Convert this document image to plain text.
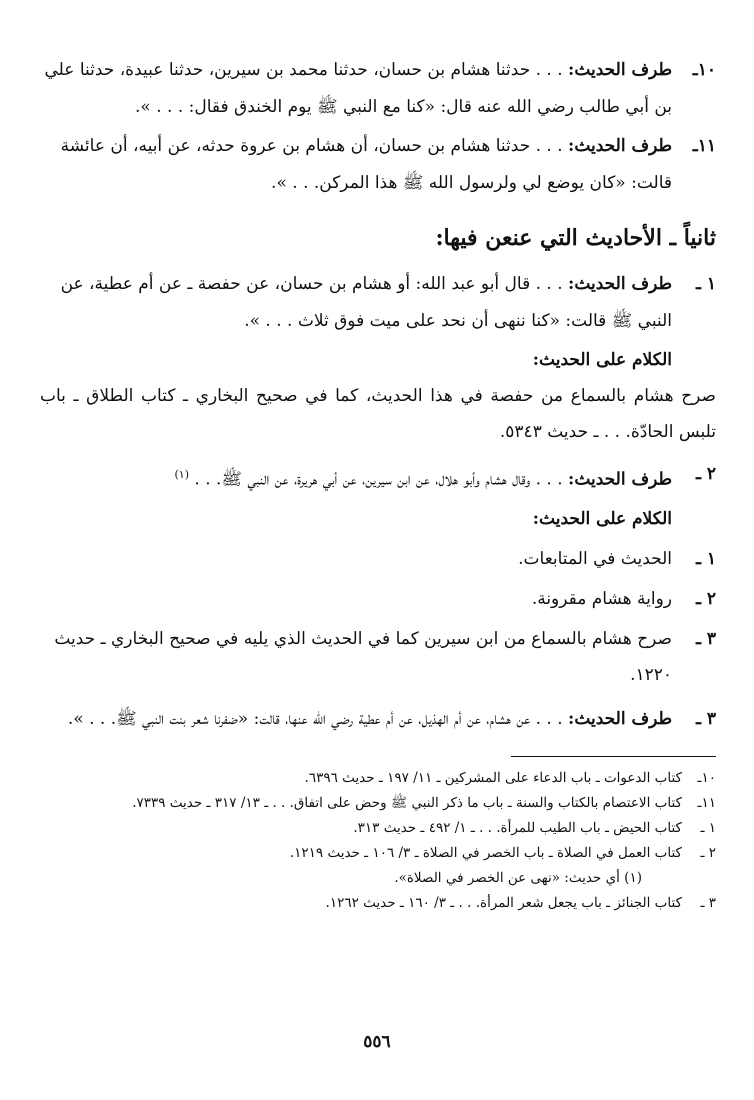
١٠ـ
طرف الحديث: . . . حدثنا هشام بن حسان، حدثنا محمد بن سيرين، حدثنا عبيدة، حدثنا علي بن أبي طالب رضي الله عنه قال: «كنا مع النبي ﷺ يوم الخندق فقال: . . . ».
١١ـ
طرف الحديث: . . . حدثنا هشام بن حسان، أن هشام بن عروة حدثه، عن أبيه، أن عائشة قالت: «كان يوضع لي ولرسول الله ﷺ هذا المركن. . . ».
ثانياً ـ الأحاديث التي عنعن فيها:
١ ـ
طرف الحديث: . . . قال أبو عبد الله: أو هشام بن حسان، عن حفصة ـ عن أم عطية، عن النبي ﷺ قالت: «كنا ننهى أن نحد على ميت فوق ثلاث . . . ».
الكلام على الحديث:
صرح هشام بالسماع من حفصة في هذا الحديث، كما في صحيح البخاري ـ كتاب الطلاق ـ باب تلبس الحادّة. . . ـ حديث ٥٣٤٣.
٢ ـ
طرف الحديث: . . . وقال هشام وأبو هلال، عن ابن سيرين، عن أبي هريرة، عن النبي ﷺ. . . $^{(١)}$
الكلام على الحديث:
١ ـ
الحديث في المتابعات.
٢ ـ
رواية هشام مقرونة.
٣ ـ
صرح هشام بالسماع من ابن سيرين كما في الحديث الذي يليه في صحيح البخاري ـ حديث ١٢٢٠.
٣ ـ
طرف الحديث: . . . عن هشام، عن أم الهذيل، عن أم عطية رضي الله عنها، قالت: «ضفرنا شعر بنت النبي ﷺ. . . ».
١٠ـ
كتاب الدعوات ـ باب الدعاء على المشركين ـ ١١/ ١٩٧ ـ حديث ٦٣٩٦.
١١ـ
كتاب الاعتصام بالكتاب والسنة ـ باب ما ذكر النبي ﷺ وحض على اتفاق. . . ـ ١٣/ ٣١٧ ـ حديث ٧٣٣٩.
١ ـ
كتاب الحيض ـ باب الطيب للمرأة. . . ـ ١/ ٤٩٢ ـ حديث ٣١٣.
٢ ـ
كتاب العمل في الصلاة ـ باب الخصر في الصلاة ـ ٣/ ١٠٦ ـ حديث ١٢١٩.
(١) أي حديث: «نهى عن الخصر في الصلاة».
٣ ـ
كتاب الجنائز ـ باب يجعل شعر المرأة. . . ـ ٣/ ١٦٠ ـ حديث ١٢٦٢.
٥٥٦
